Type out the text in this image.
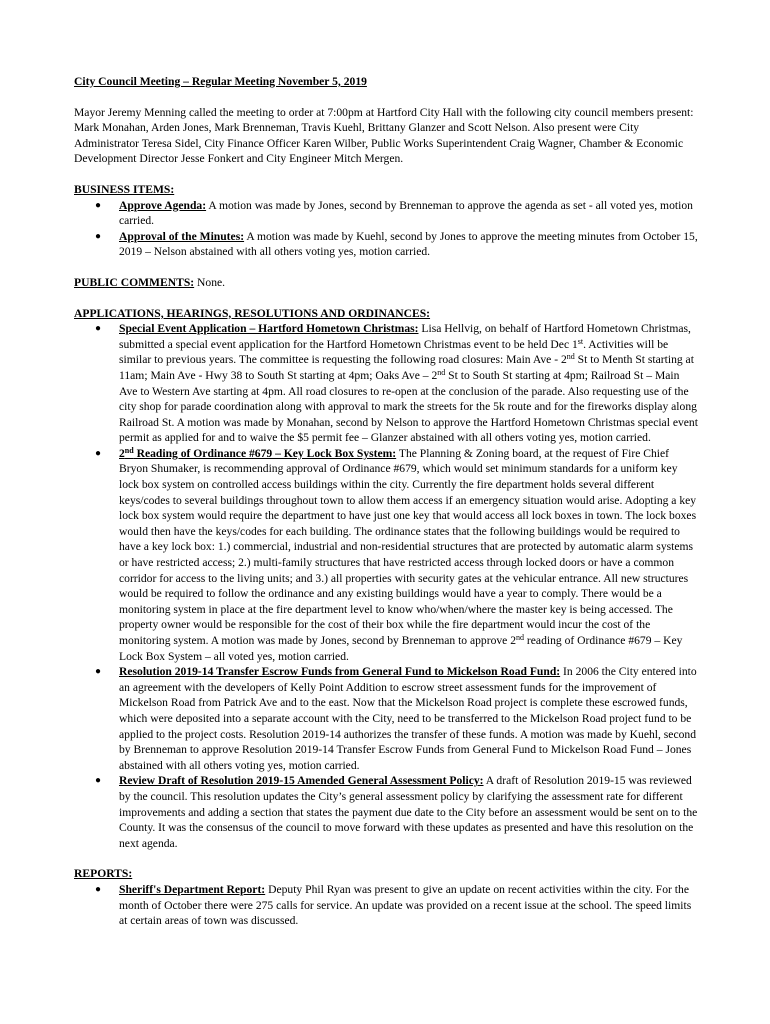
City Council Meeting – Regular Meeting November 5, 2019

Mayor Jeremy Menning called the meeting to order at 7:00pm at Hartford City Hall with the following city council members present: Mark Monahan, Arden Jones, Mark Brenneman, Travis Kuehl, Brittany Glanzer and Scott Nelson. Also present were City Administrator Teresa Sidel, City Finance Officer Karen Wilber, Public Works Superintendent Craig Wagner, Chamber & Economic Development Director Jesse Fonkert and City Engineer Mitch Mergen.

BUSINESS ITEMS:

● Approve Agenda: A motion was made by Jones, second by Brenneman to approve the agenda as set - all voted yes, motion carried.
● Approval of the Minutes: A motion was made by Kuehl, second by Jones to approve the meeting minutes from October 15, 2019 – Nelson abstained with all others voting yes, motion carried.

PUBLIC COMMENTS: None.

APPLICATIONS, HEARINGS, RESOLUTIONS AND ORDINANCES:

● Special Event Application – Hartford Hometown Christmas: Lisa Hellvig, on behalf of Hartford Hometown Christmas, submitted a special event application for the Hartford Hometown Christmas event to be held Dec 1st. Activities will be similar to previous years. The committee is requesting the following road closures: Main Ave - 2nd St to Menth St starting at 11am; Main Ave - Hwy 38 to South St starting at 4pm; Oaks Ave – 2nd St to South St starting at 4pm; Railroad St – Main Ave to Western Ave starting at 4pm. All road closures to re-open at the conclusion of the parade. Also requesting use of the city shop for parade coordination along with approval to mark the streets for the 5k route and for the fireworks display along Railroad St. A motion was made by Monahan, second by Nelson to approve the Hartford Hometown Christmas special event permit as applied for and to waive the $5 permit fee – Glanzer abstained with all others voting yes, motion carried.
● 2nd Reading of Ordinance #679 – Key Lock Box System: The Planning & Zoning board, at the request of Fire Chief Bryon Shumaker, is recommending approval of Ordinance #679, which would set minimum standards for a uniform key lock box system on controlled access buildings within the city. Currently the fire department holds several different keys/codes to several buildings throughout town to allow them access if an emergency situation would arise. Adopting a key lock box system would require the department to have just one key that would access all lock boxes in town. The lock boxes would then have the keys/codes for each building. The ordinance states that the following buildings would be required to have a key lock box: 1.) commercial, industrial and non-residential structures that are protected by automatic alarm systems or have restricted access; 2.) multi-family structures that have restricted access through locked doors or have a common corridor for access to the living units; and 3.) all properties with security gates at the vehicular entrance. All new structures would be required to follow the ordinance and any existing buildings would have a year to comply. There would be a monitoring system in place at the fire department level to know who/when/where the master key is being accessed. The property owner would be responsible for the cost of their box while the fire department would incur the cost of the monitoring system. A motion was made by Jones, second by Brenneman to approve 2nd reading of Ordinance #679 – Key Lock Box System – all voted yes, motion carried.
● Resolution 2019-14 Transfer Escrow Funds from General Fund to Mickelson Road Fund: In 2006 the City entered into an agreement with the developers of Kelly Point Addition to escrow street assessment funds for the improvement of Mickelson Road from Patrick Ave and to the east. Now that the Mickelson Road project is complete these escrowed funds, which were deposited into a separate account with the City, need to be transferred to the Mickelson Road project fund to be applied to the project costs. Resolution 2019-14 authorizes the transfer of these funds. A motion was made by Kuehl, second by Brenneman to approve Resolution 2019-14 Transfer Escrow Funds from General Fund to Mickelson Road Fund – Jones abstained with all others voting yes, motion carried.
● Review Draft of Resolution 2019-15 Amended General Assessment Policy: A draft of Resolution 2019-15 was reviewed by the council. This resolution updates the City’s general assessment policy by clarifying the assessment rate for different improvements and adding a section that states the payment due date to the City before an assessment would be sent on to the County. It was the consensus of the council to move forward with these updates as presented and have this resolution on the next agenda.

REPORTS:

● Sheriff's Department Report: Deputy Phil Ryan was present to give an update on recent activities within the city. For the month of October there were 275 calls for service. An update was provided on a recent issue at the school. The speed limits at certain areas of town was discussed.
